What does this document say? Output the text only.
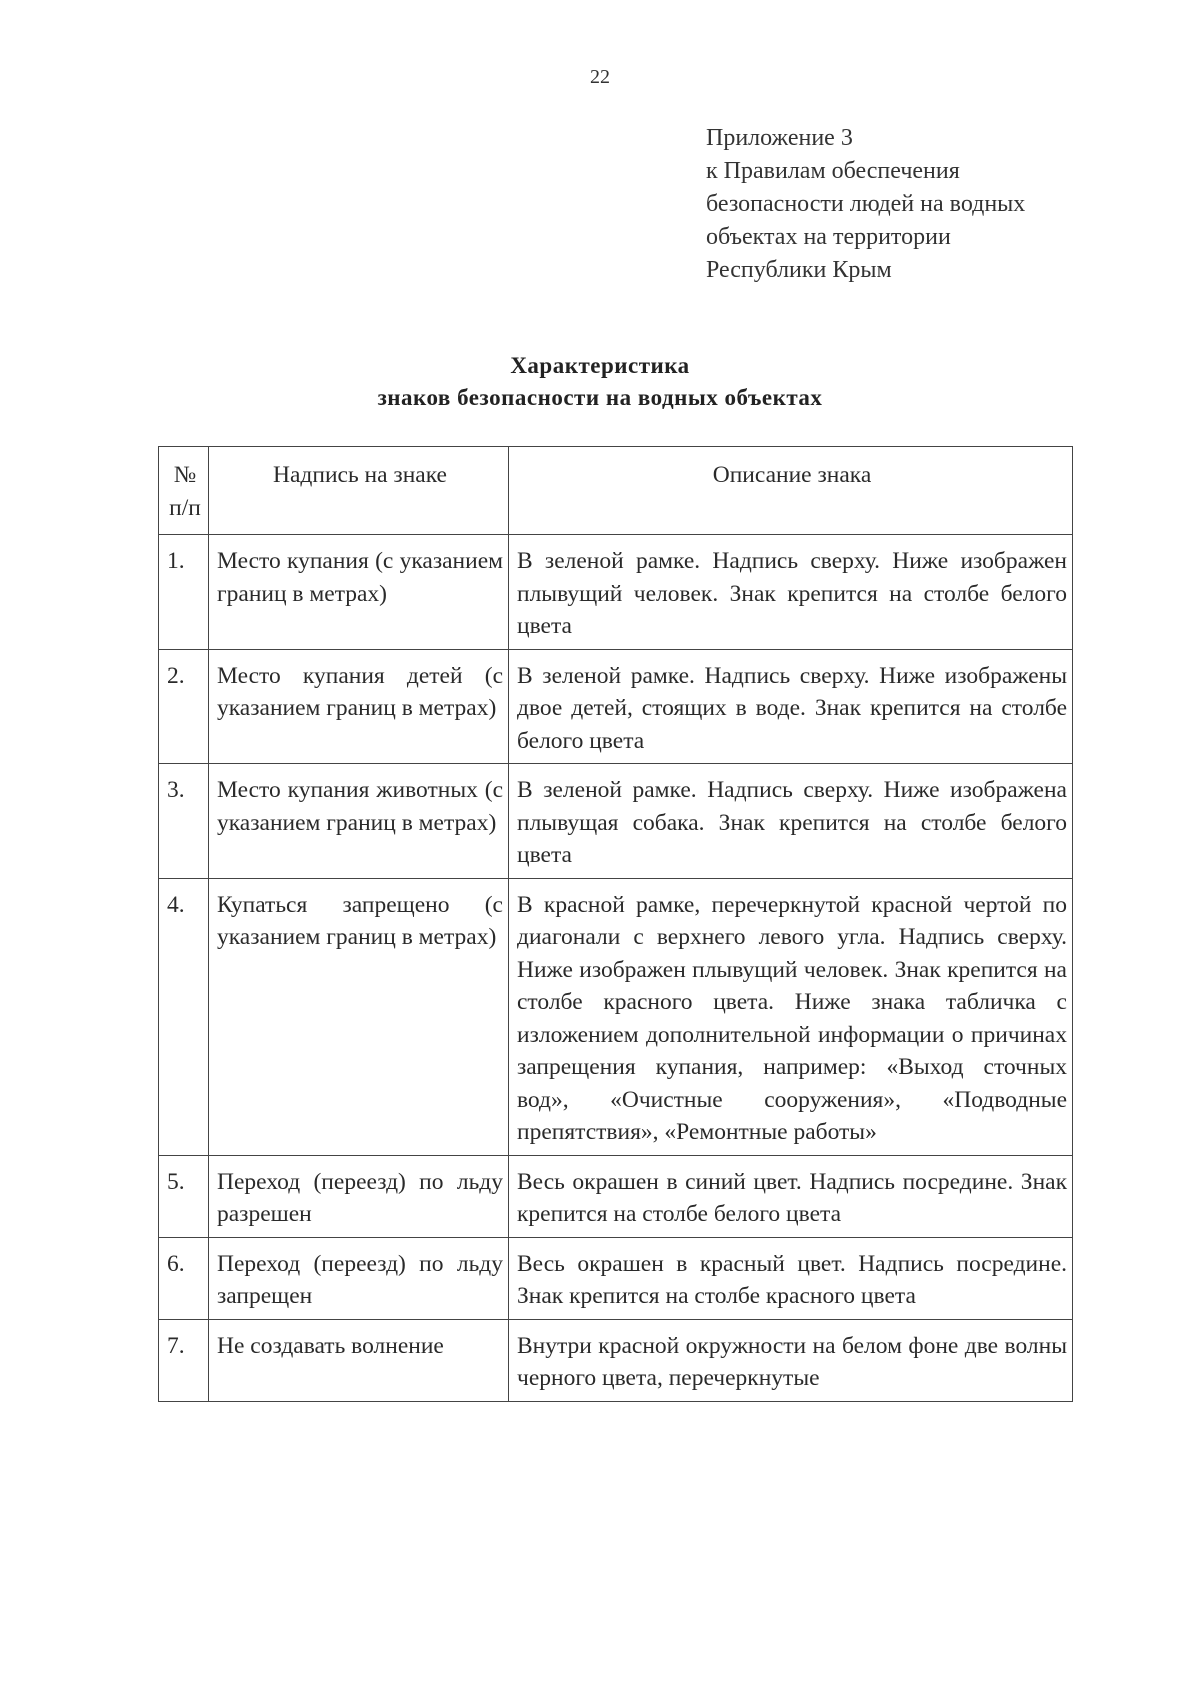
22
Приложение 3
к Правилам обеспечения
безопасности людей на водных
объектах на территории
Республики Крым
Характеристика
знаков безопасности на водных объектах
№ п/п	Надпись на знаке	Описание знака
1.	Место купания (с указанием границ в метрах)	В зеленой рамке. Надпись сверху. Ниже изображен плывущий человек. Знак крепится на столбе белого цвета
2.	Место купания детей (с указанием границ в метрах)	В зеленой рамке. Надпись сверху. Ниже изображены двое детей, стоящих в воде. Знак крепится на столбе белого цвета
3.	Место купания животных (с указанием границ в метрах)	В зеленой рамке. Надпись сверху. Ниже изображена плывущая собака. Знак крепится на столбе белого цвета
4.	Купаться запрещено (с указанием границ в метрах)	В красной рамке, перечеркнутой красной чертой по диагонали с верхнего левого угла. Надпись сверху. Ниже изображен плывущий человек. Знак крепится на столбе красного цвета. Ниже знака табличка с изложением дополнительной информации о причинах запрещения купания, например: «Выход сточных вод», «Очистные сооружения», «Подводные препятствия», «Ремонтные работы»
5.	Переход (переезд) по льду разрешен	Весь окрашен в синий цвет. Надпись посредине. Знак крепится на столбе белого цвета
6.	Переход (переезд) по льду запрещен	Весь окрашен в красный цвет. Надпись посредине. Знак крепится на столбе красного цвета
7.	Не создавать волнение	Внутри красной окружности на белом фоне две волны черного цвета, перечеркнутые
